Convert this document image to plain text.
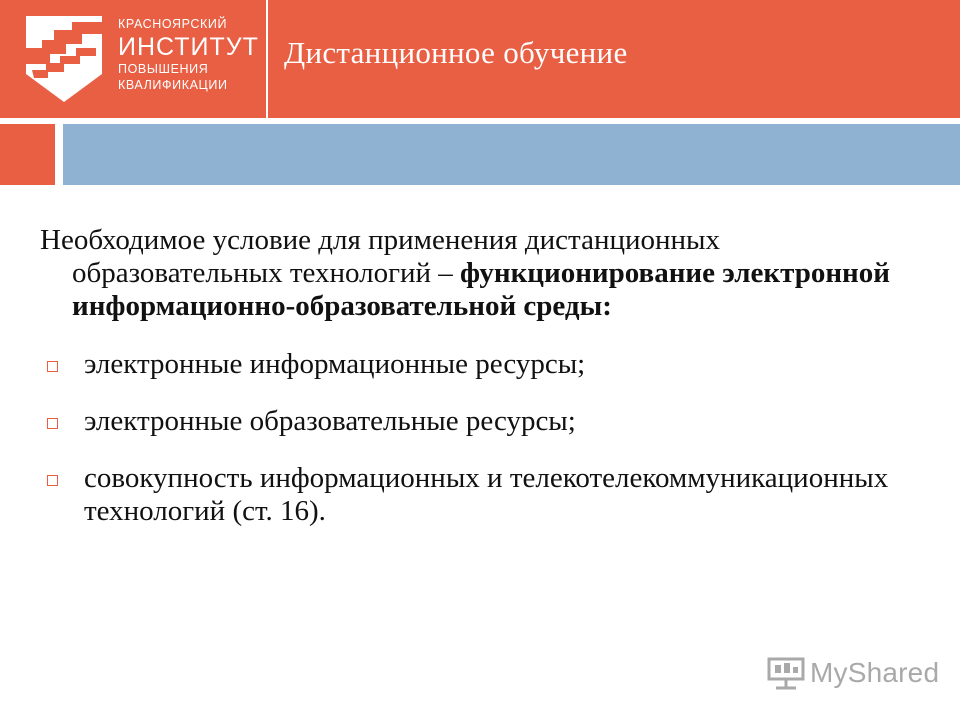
КРАСНОЯРСКИЙ
ИНСТИТУТ
ПОВЫШЕНИЯ
КВАЛИФИКАЦИИ
Дистанционное обучение

Необходимое условие для применения дистанционных образовательных технологий – функционирование электронной информационно-образовательной среды:

электронные информационные ресурсы;
электронные образовательные ресурсы;
совокупность информационных и телекотелекоммуникационных технологий (ст. 16).
MyShared
